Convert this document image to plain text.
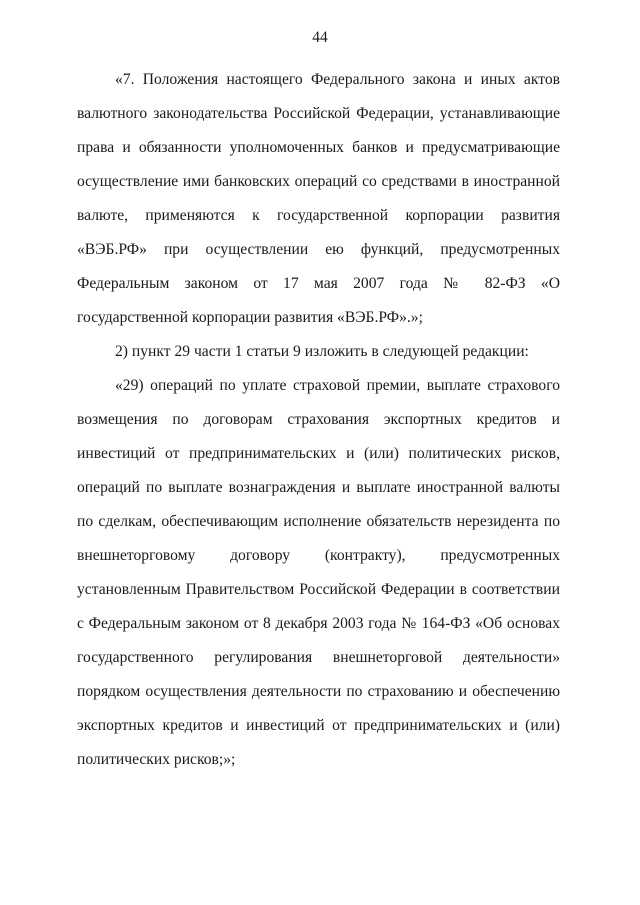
44

«7. Положения настоящего Федерального закона и иных актов валютного законодательства Российской Федерации, устанавливающие права и обязанности уполномоченных банков и предусматривающие осуществление ими банковских операций со средствами в иностранной валюте, применяются к государственной корпорации развития «ВЭБ.РФ» при осуществлении ею функций, предусмотренных Федеральным законом от 17 мая 2007 года № 82-ФЗ «О государственной корпорации развития «ВЭБ.РФ».»;

2) пункт 29 части 1 статьи 9 изложить в следующей редакции:

«29) операций по уплате страховой премии, выплате страхового возмещения по договорам страхования экспортных кредитов и инвестиций от предпринимательских и (или) политических рисков, операций по выплате вознаграждения и выплате иностранной валюты по сделкам, обеспечивающим исполнение обязательств нерезидента по внешнеторговому договору (контракту), предусмотренных установленным Правительством Российской Федерации в соответствии с Федеральным законом от 8 декабря 2003 года № 164-ФЗ «Об основах государственного регулирования внешнеторговой деятельности» порядком осуществления деятельности по страхованию и обеспечению экспортных кредитов и инвестиций от предпринимательских и (или) политических рисков;»;
